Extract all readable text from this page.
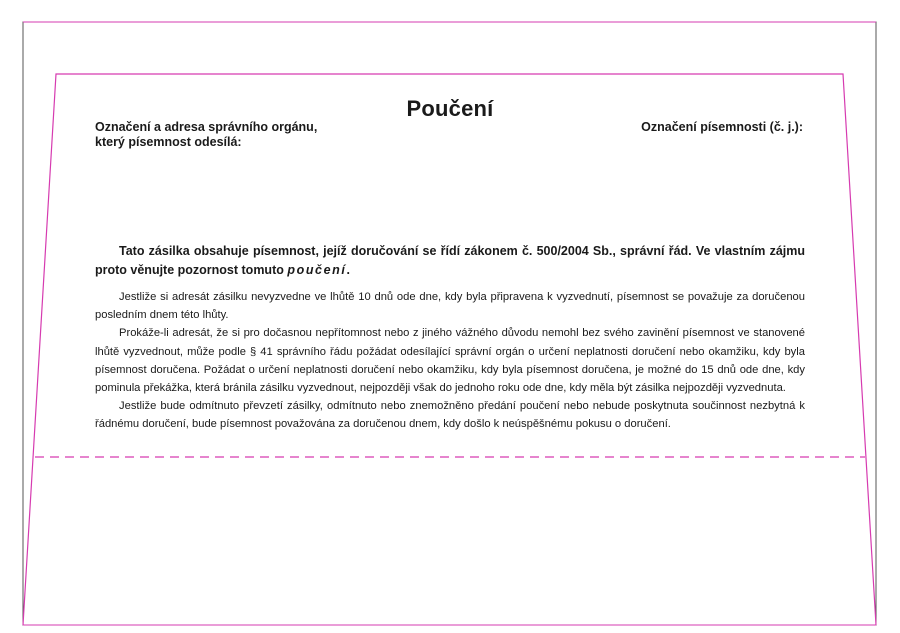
Poučení
Označení a adresa správního orgánu,
který písemnost odesílá:
Označení písemnosti (č. j.):
Tato zásilka obsahuje písemnost, jejíž doručování se řídí zákonem č. 500/2004 Sb., správní řád. Ve vlastním zájmu proto věnujte pozornost tomuto poučení.

Jestliže si adresát zásilku nevyzvedne ve lhůtě 10 dnů ode dne, kdy byla připravena k vyzvednutí, písemnost se považuje za doručenou posledním dnem této lhůty.

Prokáže-li adresát, že si pro dočasnou nepřítomnost nebo z jiného vážného důvodu nemohl bez svého zavinění písemnost ve stanovené lhůtě vyzvednout, může podle § 41 správního řádu požádat odesílající správní orgán o určení neplatnosti doručení nebo okamžiku, kdy byla písemnost doručena. Požádat o určení neplatnosti doručení nebo okamžiku, kdy byla písemnost doručena, je možné do 15 dnů ode dne, kdy pominula překážka, která bránila zásilku vyzvednout, nejpozději však do jednoho roku ode dne, kdy měla být zásilka nejpozději vyzvednuta.

Jestliže bude odmítnuto převzetí zásilky, odmítnuto nebo znemožněno předání poučení nebo nebude poskytnuta součinnost nezbytná k řádnému doručení, bude písemnost považována za doručenou dnem, kdy došlo k neúspěšnému pokusu o doručení.
